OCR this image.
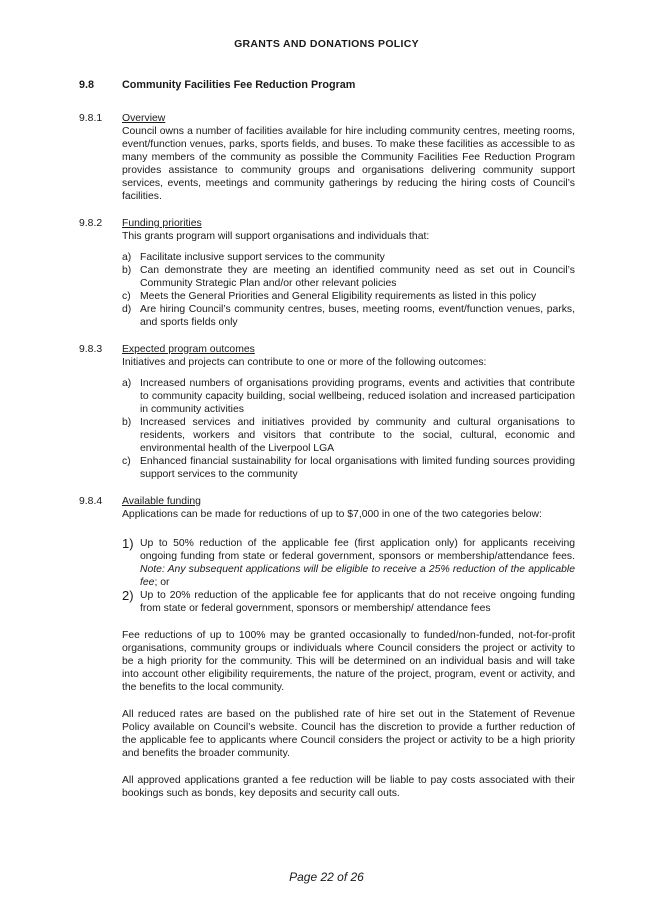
GRANTS AND DONATIONS POLICY
9.8	Community Facilities Fee Reduction Program
9.8.1	Overview
Council owns a number of facilities available for hire including community centres, meeting rooms, event/function venues, parks, sports fields, and buses. To make these facilities as accessible to as many members of the community as possible the Community Facilities Fee Reduction Program provides assistance to community groups and organisations delivering community support services, events, meetings and community gatherings by reducing the hiring costs of Council’s facilities.
9.8.2	Funding priorities
This grants program will support organisations and individuals that:
a) Facilitate inclusive support services to the community
b) Can demonstrate they are meeting an identified community need as set out in Council’s Community Strategic Plan and/or other relevant policies
c) Meets the General Priorities and General Eligibility requirements as listed in this policy
d) Are hiring Council’s community centres, buses, meeting rooms, event/function venues, parks, and sports fields only
9.8.3	Expected program outcomes
Initiatives and projects can contribute to one or more of the following outcomes:
a) Increased numbers of organisations providing programs, events and activities that contribute to community capacity building, social wellbeing, reduced isolation and increased participation in community activities
b) Increased services and initiatives provided by community and cultural organisations to residents, workers and visitors that contribute to the social, cultural, economic and environmental health of the Liverpool LGA
c) Enhanced financial sustainability for local organisations with limited funding sources providing support services to the community
9.8.4	Available funding
Applications can be made for reductions of up to $7,000 in one of the two categories below:
1) Up to 50% reduction of the applicable fee (first application only) for applicants receiving ongoing funding from state or federal government, sponsors or membership/attendance fees. Note: Any subsequent applications will be eligible to receive a 25% reduction of the applicable fee; or
2) Up to 20% reduction of the applicable fee for applicants that do not receive ongoing funding from state or federal government, sponsors or membership/ attendance fees
Fee reductions of up to 100% may be granted occasionally to funded/non-funded, not-for-profit organisations, community groups or individuals where Council considers the project or activity to be a high priority for the community. This will be determined on an individual basis and will take into account other eligibility requirements, the nature of the project, program, event or activity, and the benefits to the local community.
All reduced rates are based on the published rate of hire set out in the Statement of Revenue Policy available on Council’s website. Council has the discretion to provide a further reduction of the applicable fee to applicants where Council considers the project or activity to be a high priority and benefits the broader community.
All approved applications granted a fee reduction will be liable to pay costs associated with their bookings such as bonds, key deposits and security call outs.
Page 22 of 26
